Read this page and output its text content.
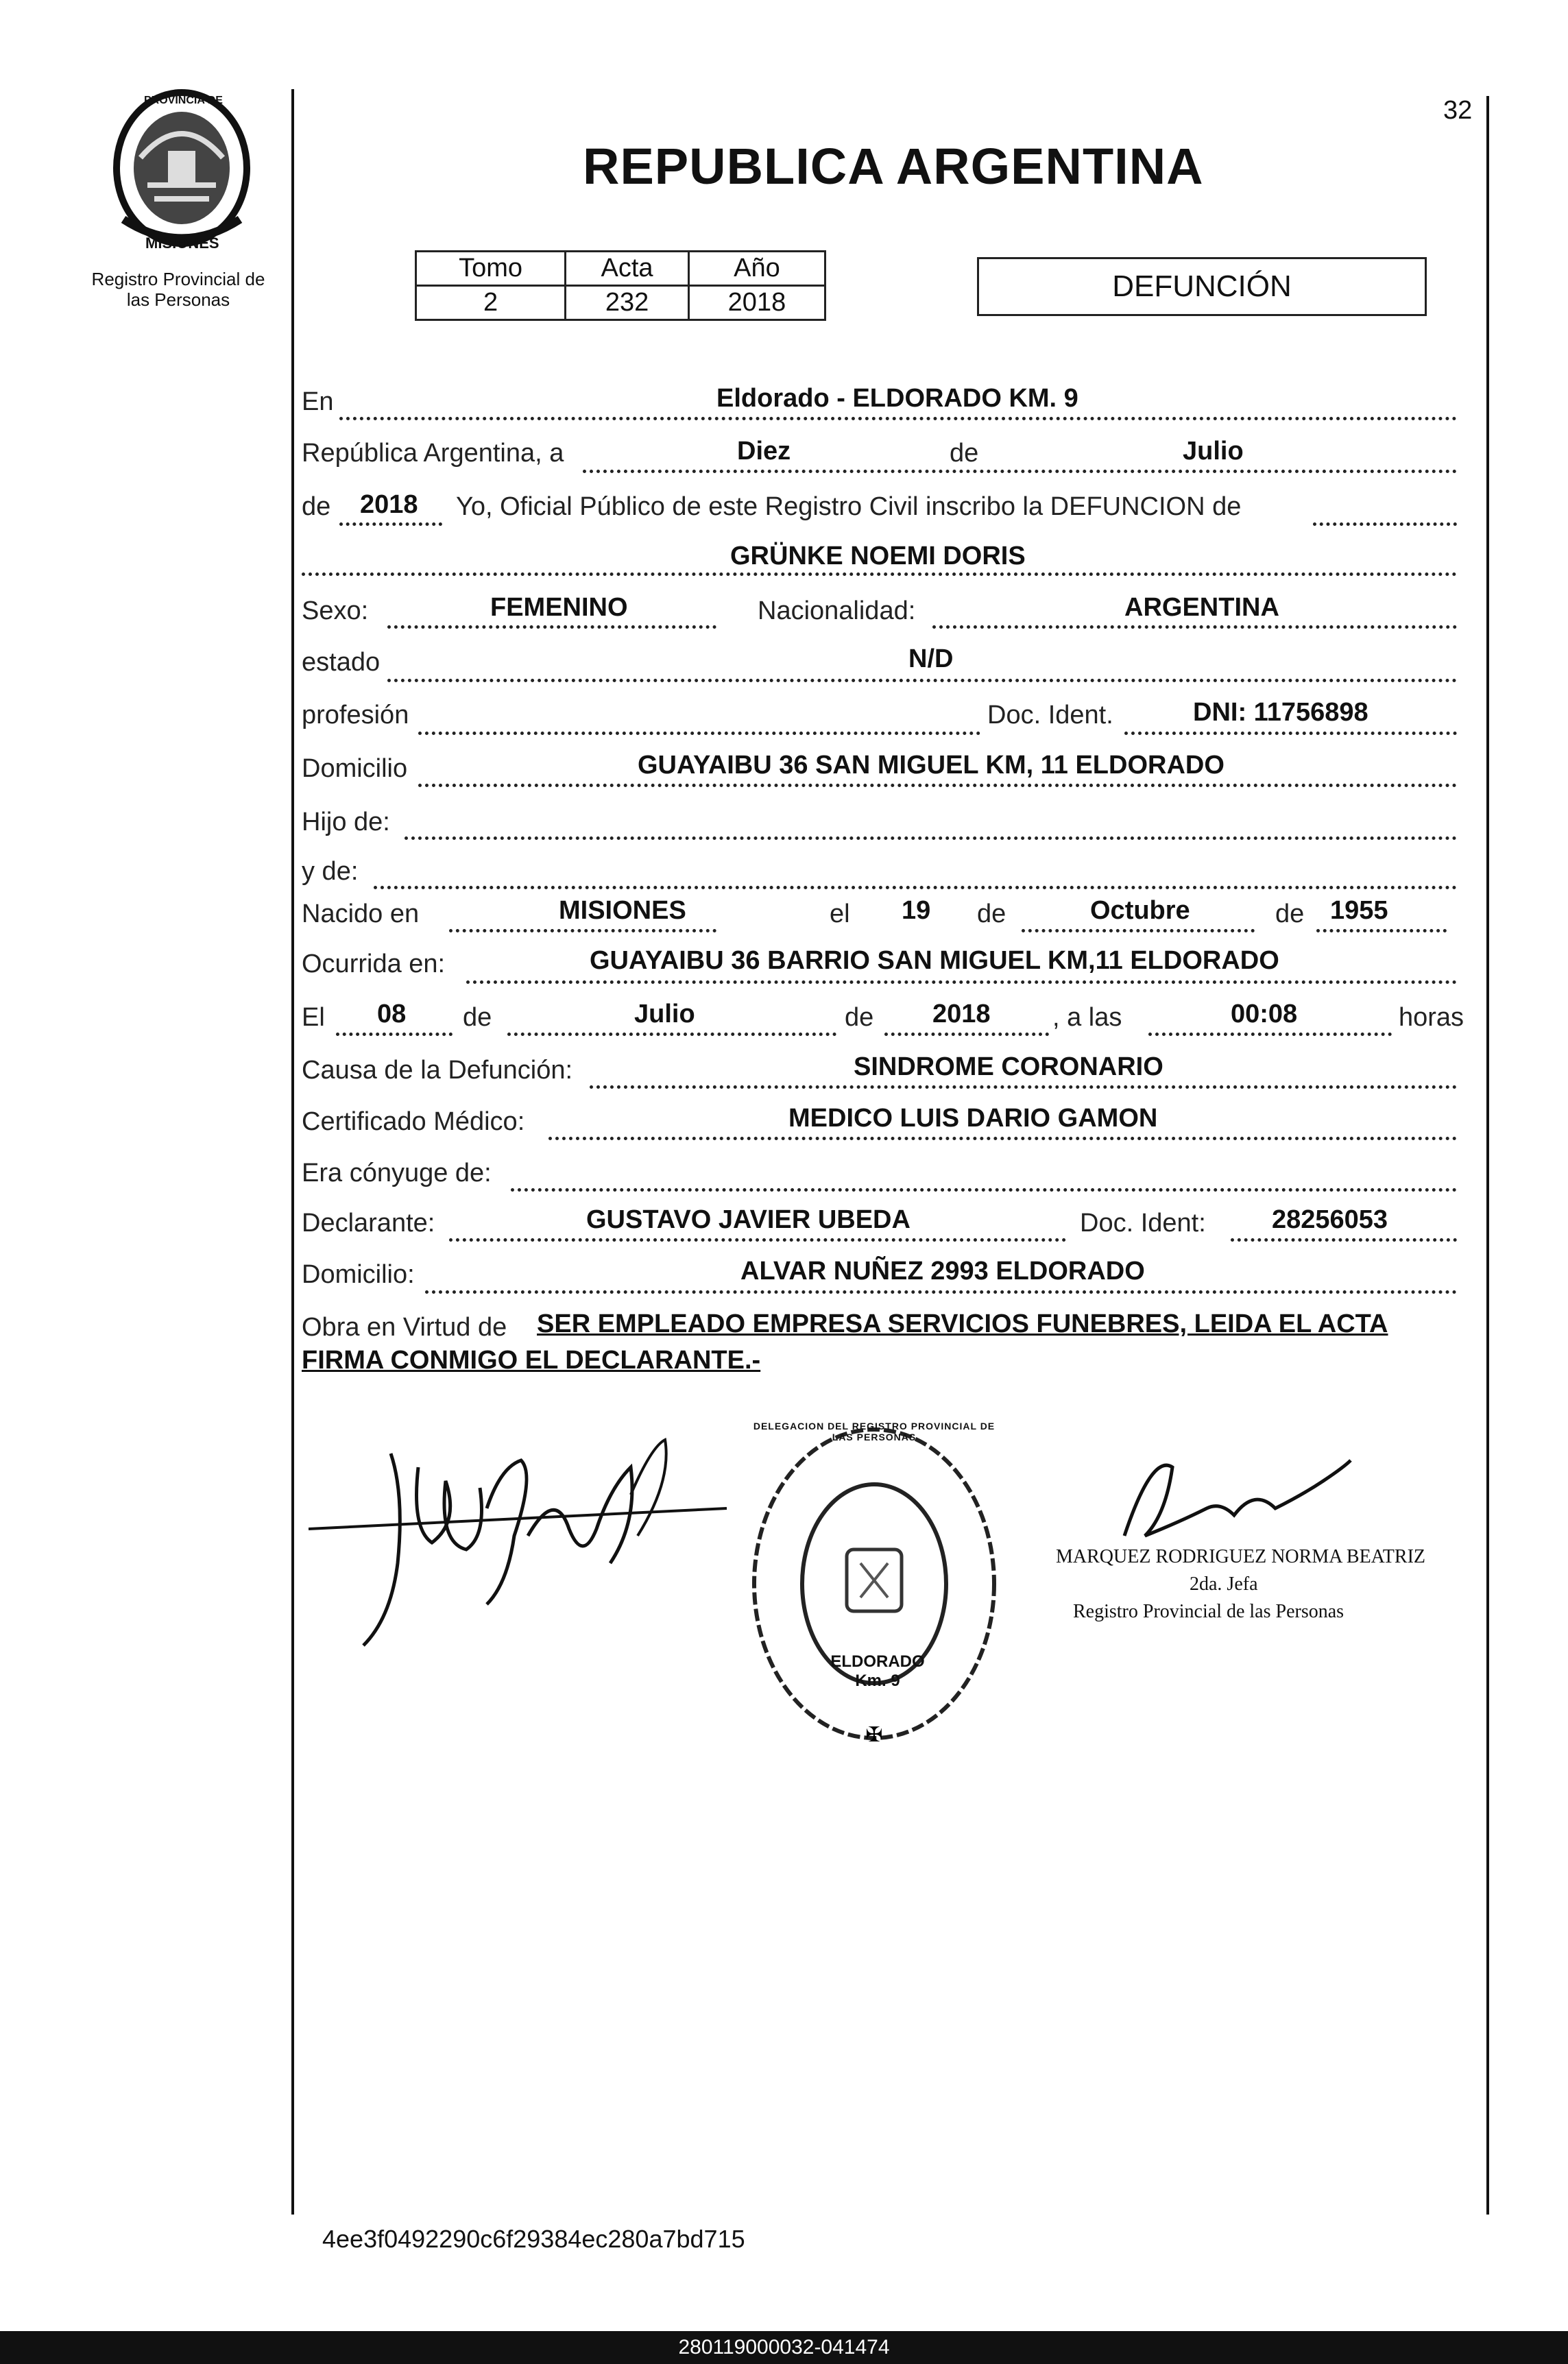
32
PROVINCIA DE
MISIONES
Registro Provincial de
las Personas
REPUBLICA ARGENTINA
Tomo	Acta	Año
2	232	2018	DEFUNCIÓN
En	Eldorado - ELDORADO KM. 9
República Argentina, a	Diez	de	Julio
de 2018 Yo, Oficial Público de este Registro Civil inscribo la DEFUNCION de
GRÜNKE NOEMI DORIS
Sexo:	FEMENINO	Nacionalidad:	ARGENTINA
estado	N/D
profesión	Doc. Ident.	DNI: 11756898
Domicilio	GUAYAIBU 36 SAN MIGUEL KM, 11 ELDORADO
Hijo de:
y de:
Nacido en	MISIONES	el 19 de	Octubre	de 1955
Ocurrida en:	GUAYAIBU 36 BARRIO SAN MIGUEL KM,11 ELDORADO
El 08 de	Julio	de 2018 , a las	00:08	horas
Causa de la Defunción:	SINDROME CORONARIO
Certificado Médico:	MEDICO LUIS DARIO GAMON
Era cónyuge de:
Declarante:	GUSTAVO JAVIER UBEDA	Doc. Ident:	28256053
Domicilio:	ALVAR NUÑEZ 2993 ELDORADO
Obra en Virtud de SER EMPLEADO EMPRESA SERVICIOS FUNEBRES, LEIDA EL ACTA
FIRMA CONMIGO EL DECLARANTE.-
✠
DELEGACION DEL REGISTRO PROVINCIAL DE LAS PERSONAS
ELDORADO Km. 9
MARQUEZ RODRIGUEZ NORMA BEATRIZ
2da. Jefa
Registro Provincial de las Personas
4ee3f0492290c6f29384ec280a7bd715
280119000032-041474
